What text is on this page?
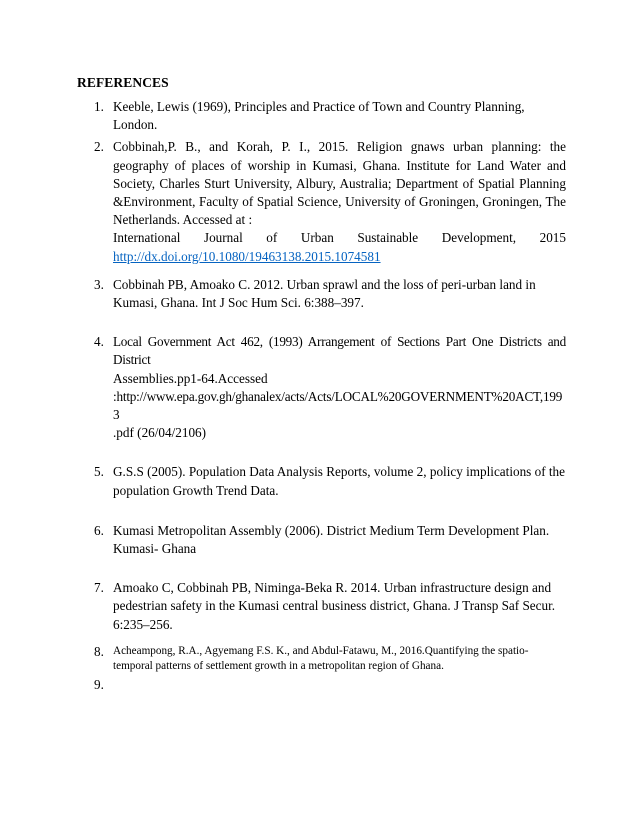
REFERENCES
1. Keeble, Lewis (1969), Principles and Practice of Town and Country Planning, London.
2. Cobbinah,P. B., and Korah, P. I., 2015. Religion gnaws urban planning: the geography of places of worship in Kumasi, Ghana. Institute for Land Water and Society, Charles Sturt University, Albury, Australia; Department of Spatial Planning &Environment, Faculty of Spatial Science, University of Groningen, Groningen, The Netherlands. Accessed at :
International Journal of Urban Sustainable Development, 2015
http://dx.doi.org/10.1080/19463138.2015.1074581
3. Cobbinah PB, Amoako C. 2012. Urban sprawl and the loss of peri-urban land in Kumasi, Ghana. Int J Soc Hum Sci. 6:388–397.
4. Local Government Act 462, (1993) Arrangement of Sections Part One Districts and District
Assemblies.pp1-64.Accessed
:http://www.epa.gov.gh/ghanalex/acts/Acts/LOCAL%20GOVERNMENT%20ACT,1993
.pdf (26/04/2106)
5. G.S.S (2005). Population Data Analysis Reports, volume 2, policy implications of the population Growth Trend Data.
6. Kumasi Metropolitan Assembly (2006). District Medium Term Development Plan. Kumasi- Ghana
7. Amoako C, Cobbinah PB, Niminga-Beka R. 2014. Urban infrastructure design and pedestrian safety in the Kumasi central business district, Ghana. J Transp Saf Secur. 6:235–256.
8. Acheampong, R.A., Agyemang F.S. K., and Abdul-Fatawu, M., 2016.Quantifying the spatio-temporal patterns of settlement growth in a metropolitan region of Ghana.
9.
